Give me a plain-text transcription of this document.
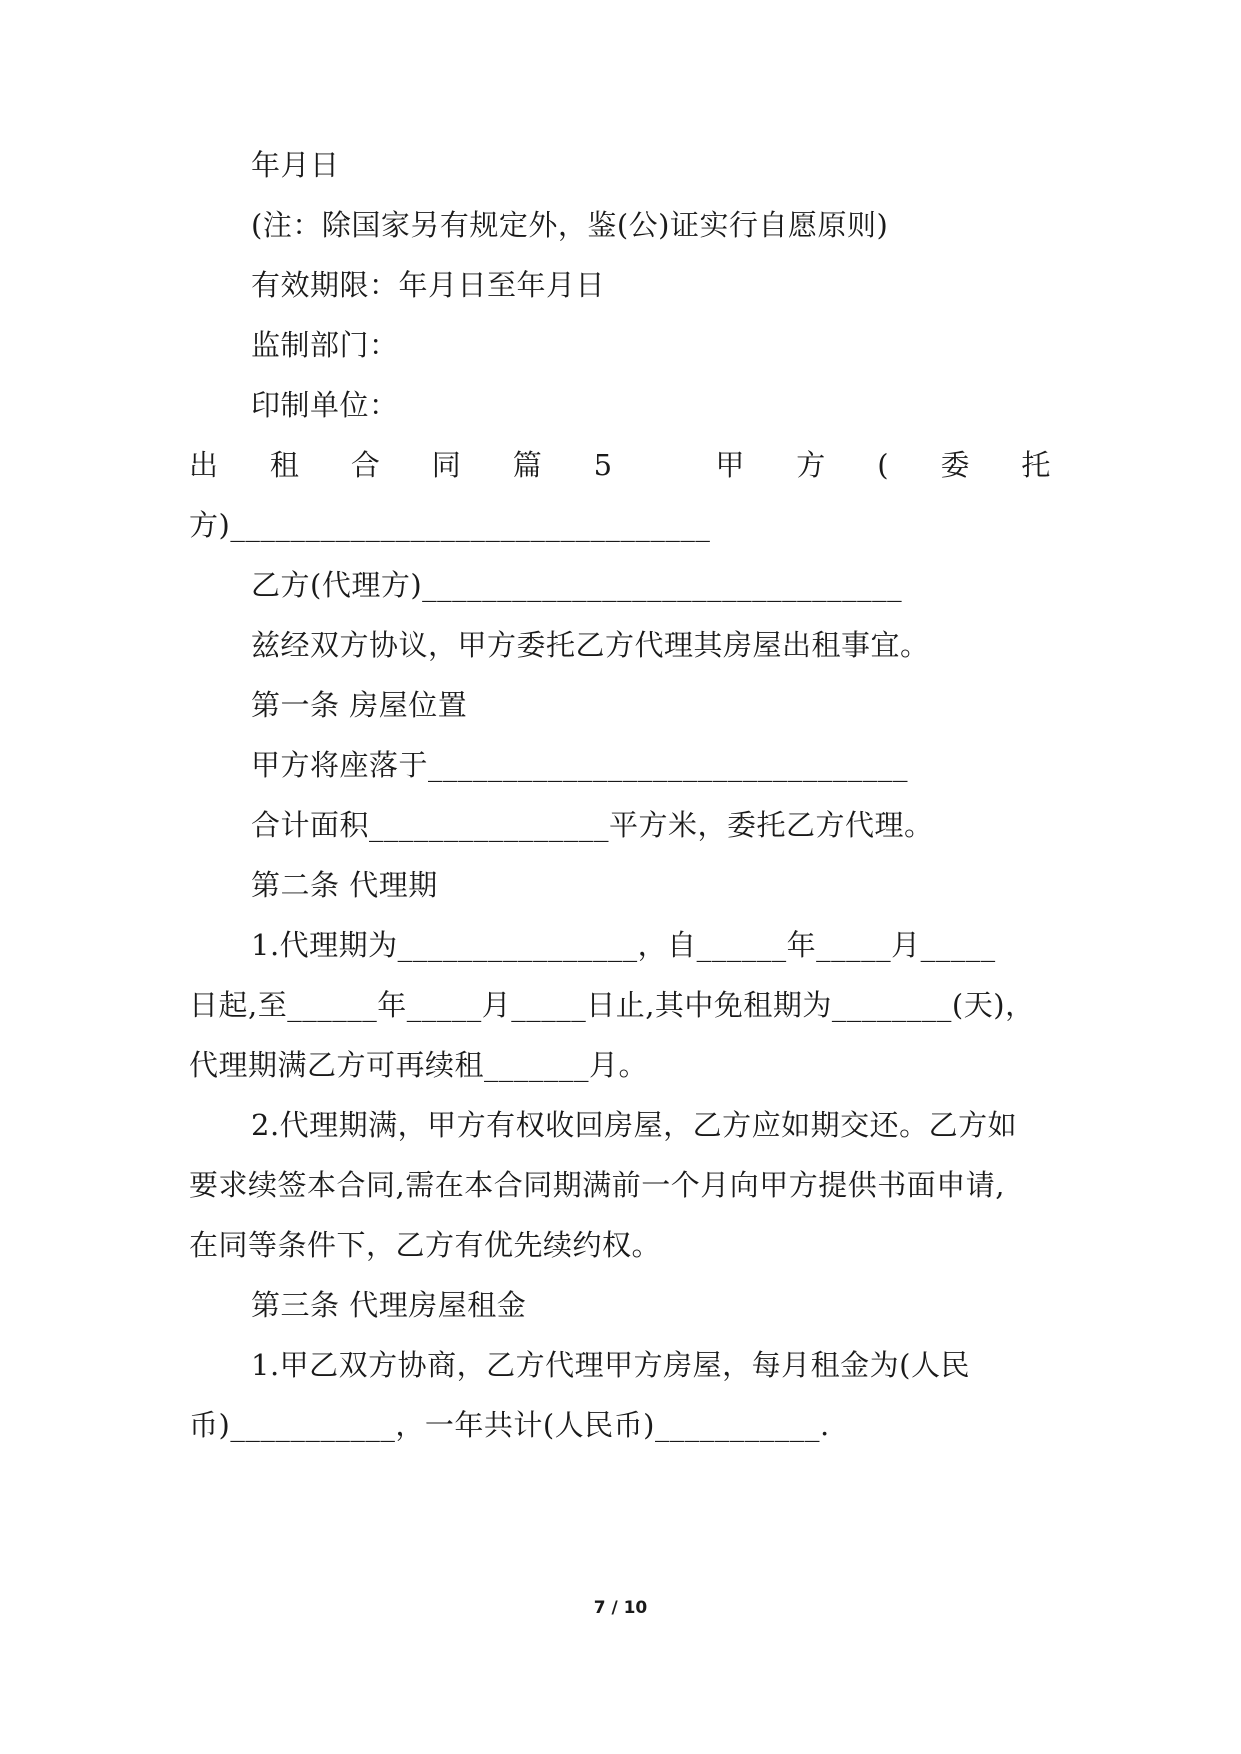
年月日
(注：除国家另有规定外，鉴(公)证实行自愿原则)
有效期限：年月日至年月日
监制部门：
印制单位：
出 租 合 同 篇 5	甲 方 ( 委 托
方)________________________________
乙方(代理方)________________________________
兹经双方协议，甲方委托乙方代理其房屋出租事宜。
第一条 房屋位置
甲方将座落于________________________________
合计面积________________平方米，委托乙方代理。
第二条 代理期
1.代理期为________________，自______年_____月_____
日起,至______年_____月_____日止,其中免租期为________(天)，
代理期满乙方可再续租_______月。
2.代理期满，甲方有权收回房屋，乙方应如期交还。乙方如
要求续签本合同,需在本合同期满前一个月向甲方提供书面申请,
在同等条件下，乙方有优先续约权。
第三条 代理房屋租金
1.甲乙双方协商，乙方代理甲方房屋，每月租金为(人民
币)___________，一年共计(人民币)___________.
7 / 10
